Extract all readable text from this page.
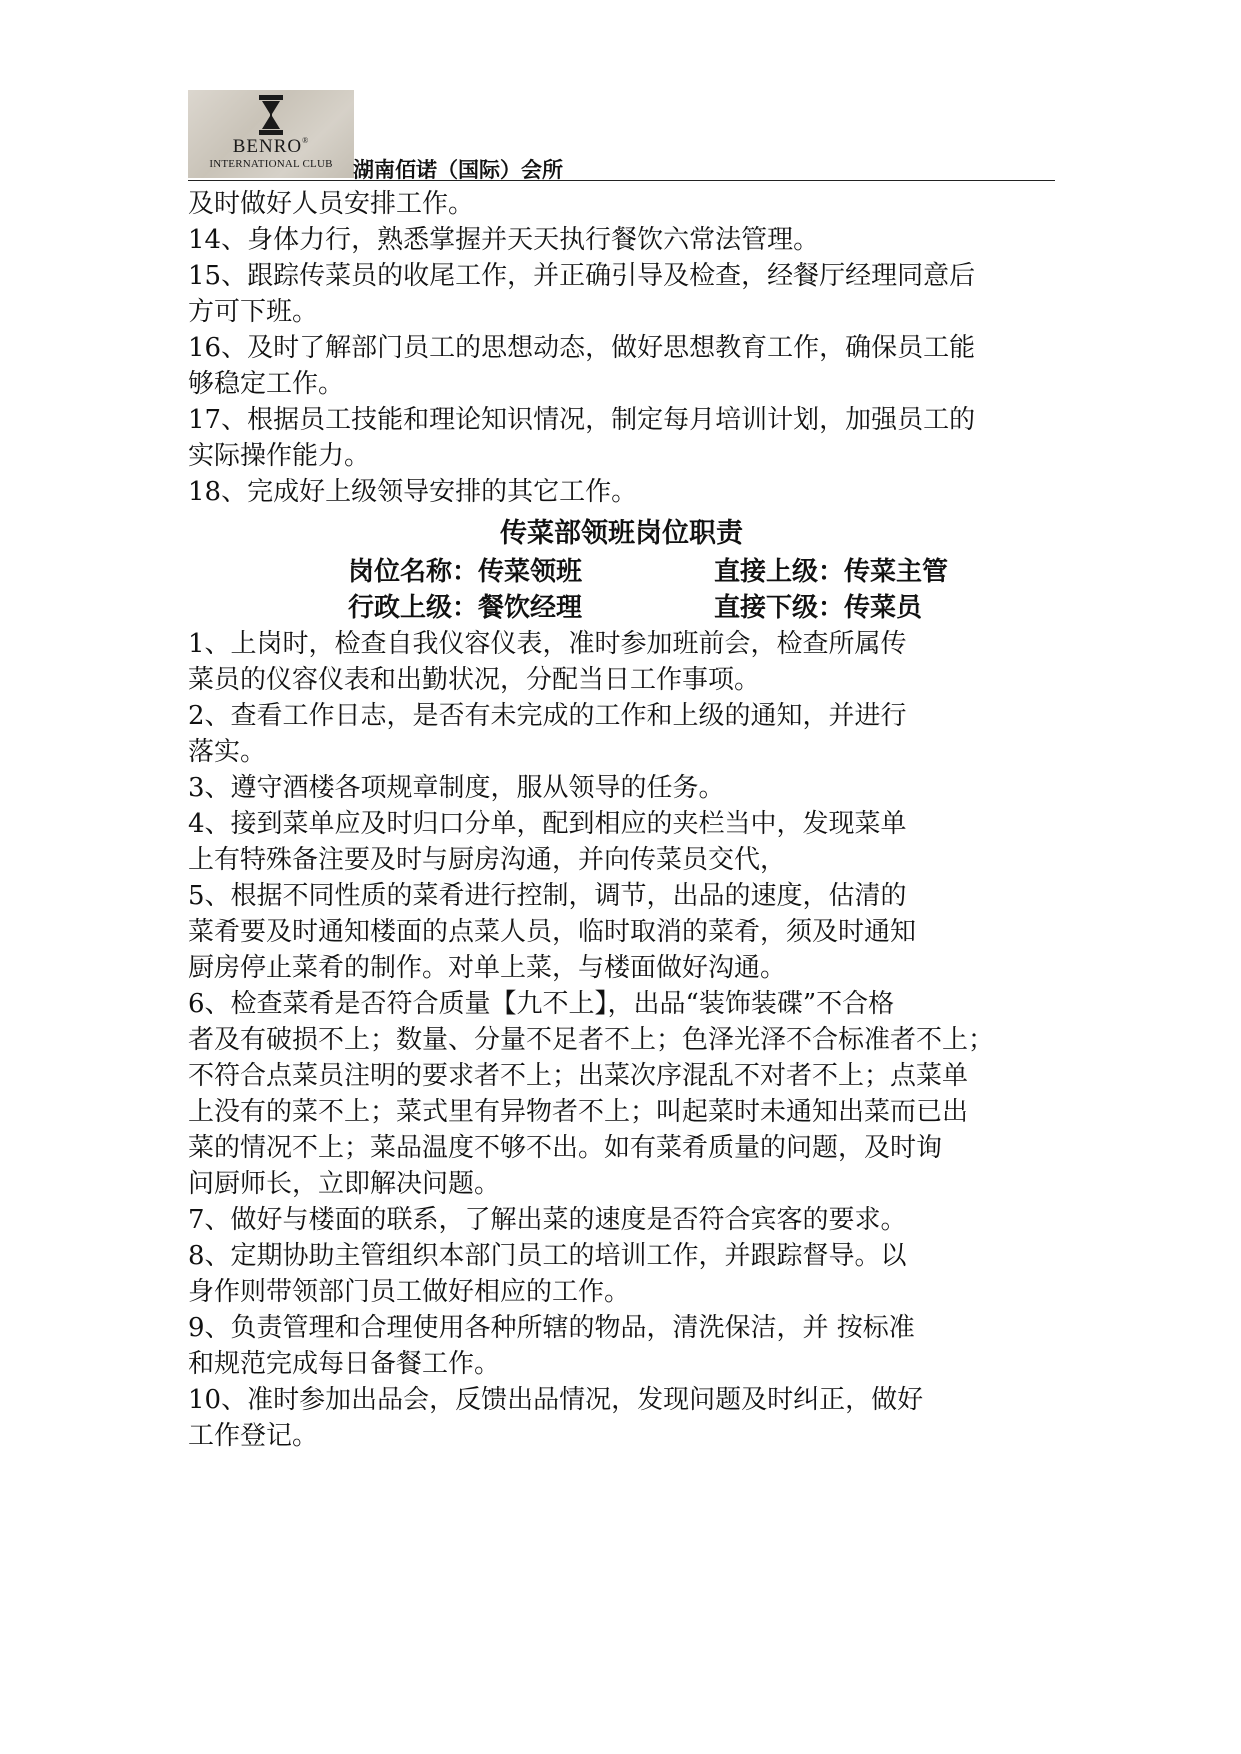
BENRO®
INTERNATIONAL CLUB 湖南佰诺（国际）会所
及时做好人员安排工作。
14、身体力行，熟悉掌握并天天执行餐饮六常法管理。
15、跟踪传菜员的收尾工作，并正确引导及检查，经餐厅经理同意后
方可下班。
16、及时了解部门员工的思想动态，做好思想教育工作，确保员工能
够稳定工作。
17、根据员工技能和理论知识情况，制定每月培训计划，加强员工的
实际操作能力。
18、完成好上级领导安排的其它工作。
传菜部领班岗位职责
岗位名称：传菜领班	直接上级：传菜主管
行政上级：餐饮经理	直接下级：传菜员
1、上岗时，检查自我仪容仪表，准时参加班前会，检查所属传
菜员的仪容仪表和出勤状况，分配当日工作事项。
2、查看工作日志，是否有未完成的工作和上级的通知，并进行
落实。
3、遵守酒楼各项规章制度，服从领导的任务。
4、接到菜单应及时归口分单，配到相应的夹栏当中，发现菜单
上有特殊备注要及时与厨房沟通，并向传菜员交代，
5、根据不同性质的菜肴进行控制，调节，出品的速度，估清的
菜肴要及时通知楼面的点菜人员，临时取消的菜肴，须及时通知
厨房停止菜肴的制作。对单上菜，与楼面做好沟通。
6、检查菜肴是否符合质量【九不上】，出品“装饰装碟”不合格
者及有破损不上；数量、分量不足者不上；色泽光泽不合标准者不上；
不符合点菜员注明的要求者不上；出菜次序混乱不对者不上；点菜单
上没有的菜不上；菜式里有异物者不上；叫起菜时未通知出菜而已出
菜的情况不上；菜品温度不够不出。如有菜肴质量的问题，及时询
问厨师长，立即解决问题。
7、做好与楼面的联系，了解出菜的速度是否符合宾客的要求。
8、定期协助主管组织本部门员工的培训工作，并跟踪督导。以
身作则带领部门员工做好相应的工作。
9、负责管理和合理使用各种所辖的物品，清洗保洁，并 按标准
和规范完成每日备餐工作。
10、准时参加出品会，反馈出品情况，发现问题及时纠正，做好
工作登记。
